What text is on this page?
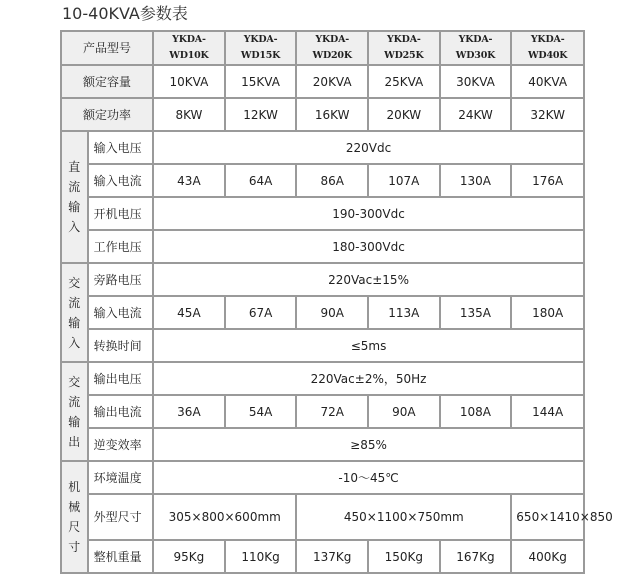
10-40KVA参数表
产品型号		YKDA-WD10K	YKDA-WD15K	YKDA-WD20K	YKDA-WD25K	YKDA-WD30K	YKDA-WD40K
额定容量		10KVA	15KVA	20KVA	25KVA	30KVA	40KVA
额定功率		8KW	12KW	16KW	20KW	24KW	32KW
直流输入	输入电压	220Vdc					
	输入电流	43A	64A	86A	107A	130A	176A
	开机电压	190-300Vdc					
	工作电压	180-300Vdc					
交流输入	旁路电压	220Vac±15%					
	输入电流	45A	67A	90A	113A	135A	180A
	转换时间	≤5ms					
交流输出	输出电压	220Vac±2%，50Hz					
	输出电流	36A	54A	72A	90A	108A	144A
	逆变效率	≥85%					
机械尺寸	环境温度	-10～45℃					
	外型尺寸	305×800×600mm		450×1100×750mm			650×1410×850
	整机重量	95Kg	110Kg	137Kg	150Kg	167Kg	400Kg
